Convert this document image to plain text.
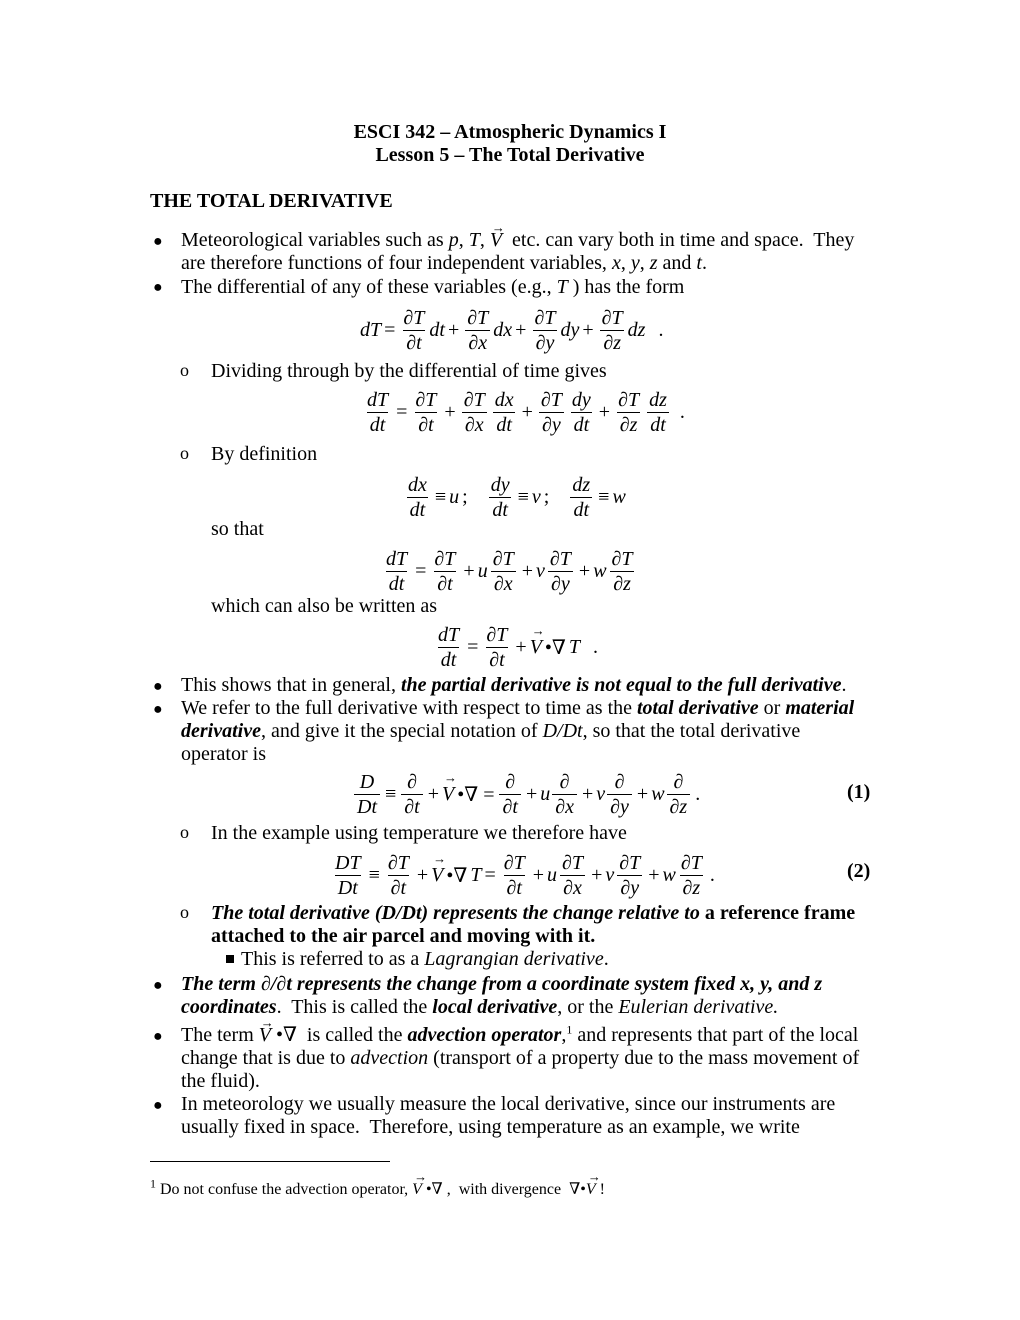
ESCI 342 – Atmospheric Dynamics I
Lesson 5 – The Total Derivative
THE TOTAL DERIVATIVE
●
●
o
o
●
●
o
o
●
●
●
Meteorological variables such as p, T, → V  etc. can vary both in time and space.  They
are therefore functions of four independent variables, x, y, z and t.
The differential of any of these variables (e.g., T ) has the form
Dividing through by the differential of time gives
By definition
so that
which can also be written as
This shows that in general, the partial derivative is not equal to the full derivative.
We refer to the full derivative with respect to time as the total derivative or material
derivative, and give it the special notation of D/Dt, so that the total derivative
operator is
In the example using temperature we therefore have
The total derivative (D/Dt) represents the change relative to a reference frame
attached to the air parcel and moving with it.
This is referred to as a Lagrangian derivative.
The term ∂/∂t represents the change from a coordinate system fixed x, y, and z
coordinates.  This is called the local derivative, or the Eulerian derivative.
The term → V •∇  is called the advection operator,$^1$ and represents that part of the local
change that is due to advection (transport of a property due to the mass movement of
the fluid).
In meteorology we usually measure the local derivative, since our instruments are
usually fixed in space.  Therefore, using temperature as an example, we write
dT = $\frac{\partial T}{\partial t}$ dt + $\frac{\partial T}{\partial x}$ dx + $\frac{\partial T}{\partial y}$ dy + $\frac{\partial T}{\partial z}$ dz .
$\frac{dT}{dt} = \frac{\partial T}{\partial t} + \frac{\partial T}{\partial x} \frac{dx}{dt} + \frac{\partial T}{\partial y} \frac{dy}{dt} + \frac{\partial T}{\partial z} \frac{dz}{dt}$ .
$\frac{dx}{dt} \equiv u$ ; $\frac{dy}{dt} \equiv v$ ; $\frac{dz}{dt} \equiv w$
$\frac{dT}{dt} = \frac{\partial T}{\partial t} + u \frac{\partial T}{\partial x} + v \frac{\partial T}{\partial y} + w \frac{\partial T}{\partial z}$
$\frac{dT}{dt} = \frac{\partial T}{\partial t}$ + → V •∇ T .
$\frac{D}{Dt} \equiv \frac{\partial}{\partial t}$ + → V •∇ = $\frac{\partial}{\partial t} + u \frac{\partial}{\partial x} + v \frac{\partial}{\partial y} + w \frac{\partial}{\partial z}$ .	(1)
$\frac{DT}{Dt} \equiv \frac{\partial T}{\partial t}$ + → V •∇ $T = \frac{\partial T}{\partial t} + u \frac{\partial T}{\partial x} + v \frac{\partial T}{\partial y} + w \frac{\partial T}{\partial z}$ .	(2)
$^1$ Do not confuse the advection operator, → V •∇ ,  with divergence  ∇•→ V !
